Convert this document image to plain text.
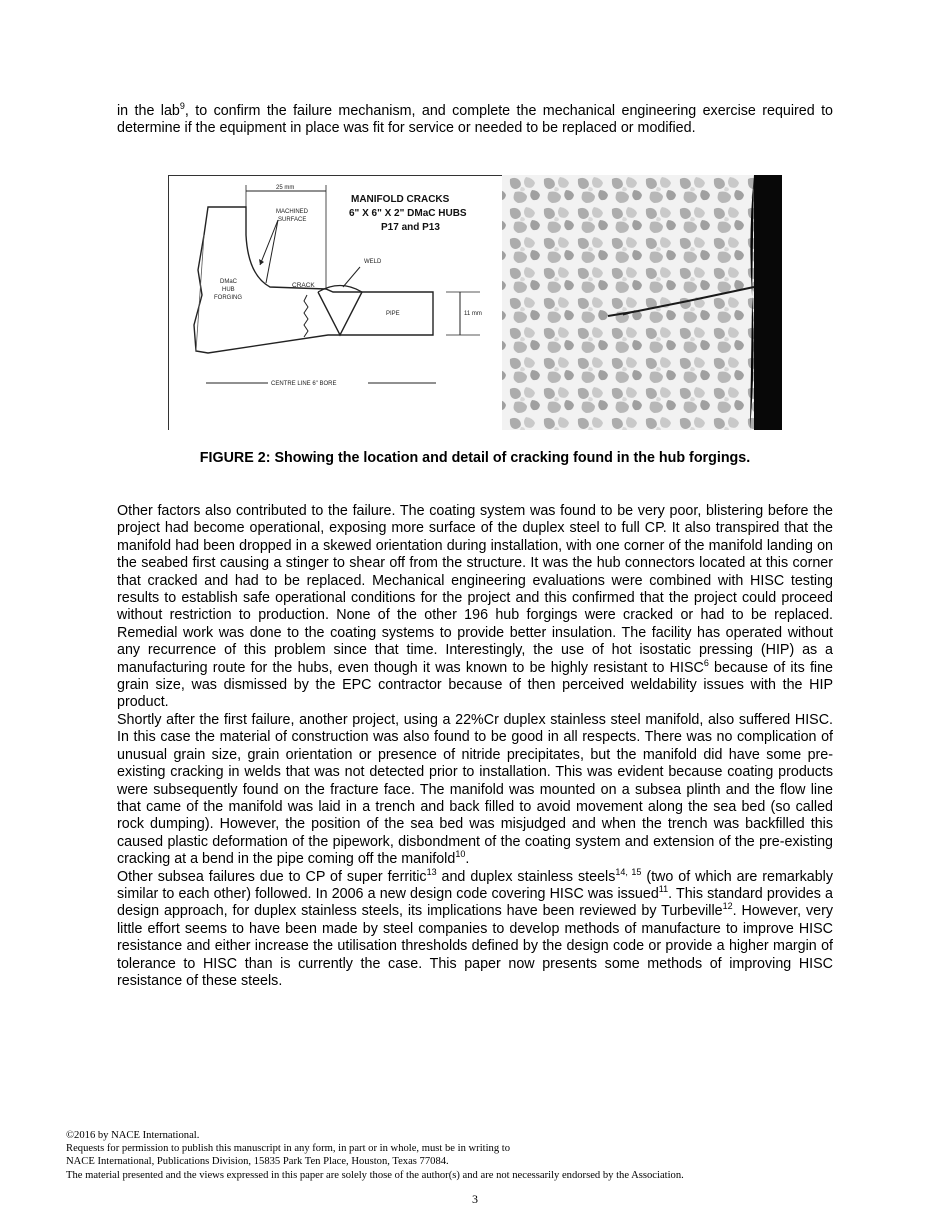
in the lab$^9$, to confirm the failure mechanism, and complete the mechanical engineering exercise required to determine if the equipment in place was fit for service or needed to be replaced or modified.

25 mm
MANIFOLD CRACKS
6" X 6" X 2" DMaC HUBS
P17 and P13
MACHINED
SURFACE
WELD
DMaC
HUB
FORGING
CRACK
PIPE	11 mm
CENTRE LINE 6" BORE
FIGURE 2: Showing the location and detail of cracking found in the hub forgings.
Other factors also contributed to the failure. The coating system was found to be very poor, blistering before the project had become operational, exposing more surface of the duplex steel to full CP. It also transpired that the manifold had been dropped in a skewed orientation during installation, with one corner of the manifold landing on the seabed first causing a stinger to shear off from the structure. It was the hub connectors located at this corner that cracked and had to be replaced. Mechanical engineering evaluations were combined with HISC testing results to establish safe operational conditions for the project and this confirmed that the project could proceed without restriction to production. None of the other 196 hub forgings were cracked or had to be replaced. Remedial work was done to the coating systems to provide better insulation. The facility has operated without any recurrence of this problem since that time. Interestingly, the use of hot isostatic pressing (HIP) as a manufacturing route for the hubs, even though it was known to be highly resistant to HISC$^6$ because of its fine grain size, was dismissed by the EPC contractor because of then perceived weldability issues with the HIP product.
Shortly after the first failure, another project, using a 22%Cr duplex stainless steel manifold, also suffered HISC. In this case the material of construction was also found to be good in all respects. There was no complication of unusual grain size, grain orientation or presence of nitride precipitates, but the manifold did have some pre-existing cracking in welds that was not detected prior to installation. This was evident because coating products were subsequently found on the fracture face. The manifold was mounted on a subsea plinth and the flow line that came of the manifold was laid in a trench and back filled to avoid movement along the sea bed (so called rock dumping). However, the position of the sea bed was misjudged and when the trench was backfilled this caused plastic deformation of the pipework, disbondment of the coating system and extension of the pre-existing cracking at a bend in the pipe coming off the manifold$^{10}$.
Other subsea failures due to CP of super ferritic$^{13}$ and duplex stainless steels$^{14, 15}$ (two of which are remarkably similar to each other) followed. In 2006 a new design code covering HISC was issued$^{11}$. This standard provides a design approach, for duplex stainless steels, its implications have been reviewed by Turbeville$^{12}$. However, very little effort seems to have been made by steel companies to develop methods of manufacture to improve HISC resistance and either increase the utilisation thresholds defined by the design code or provide a higher margin of tolerance to HISC than is currently the case. This paper now presents some methods of improving HISC resistance of these steels.
©2016 by NACE International.
Requests for permission to publish this manuscript in any form, in part or in whole, must be in writing to
NACE International, Publications Division, 15835 Park Ten Place, Houston, Texas 77084.
The material presented and the views expressed in this paper are solely those of the author(s) and are not necessarily endorsed by the Association.
3
